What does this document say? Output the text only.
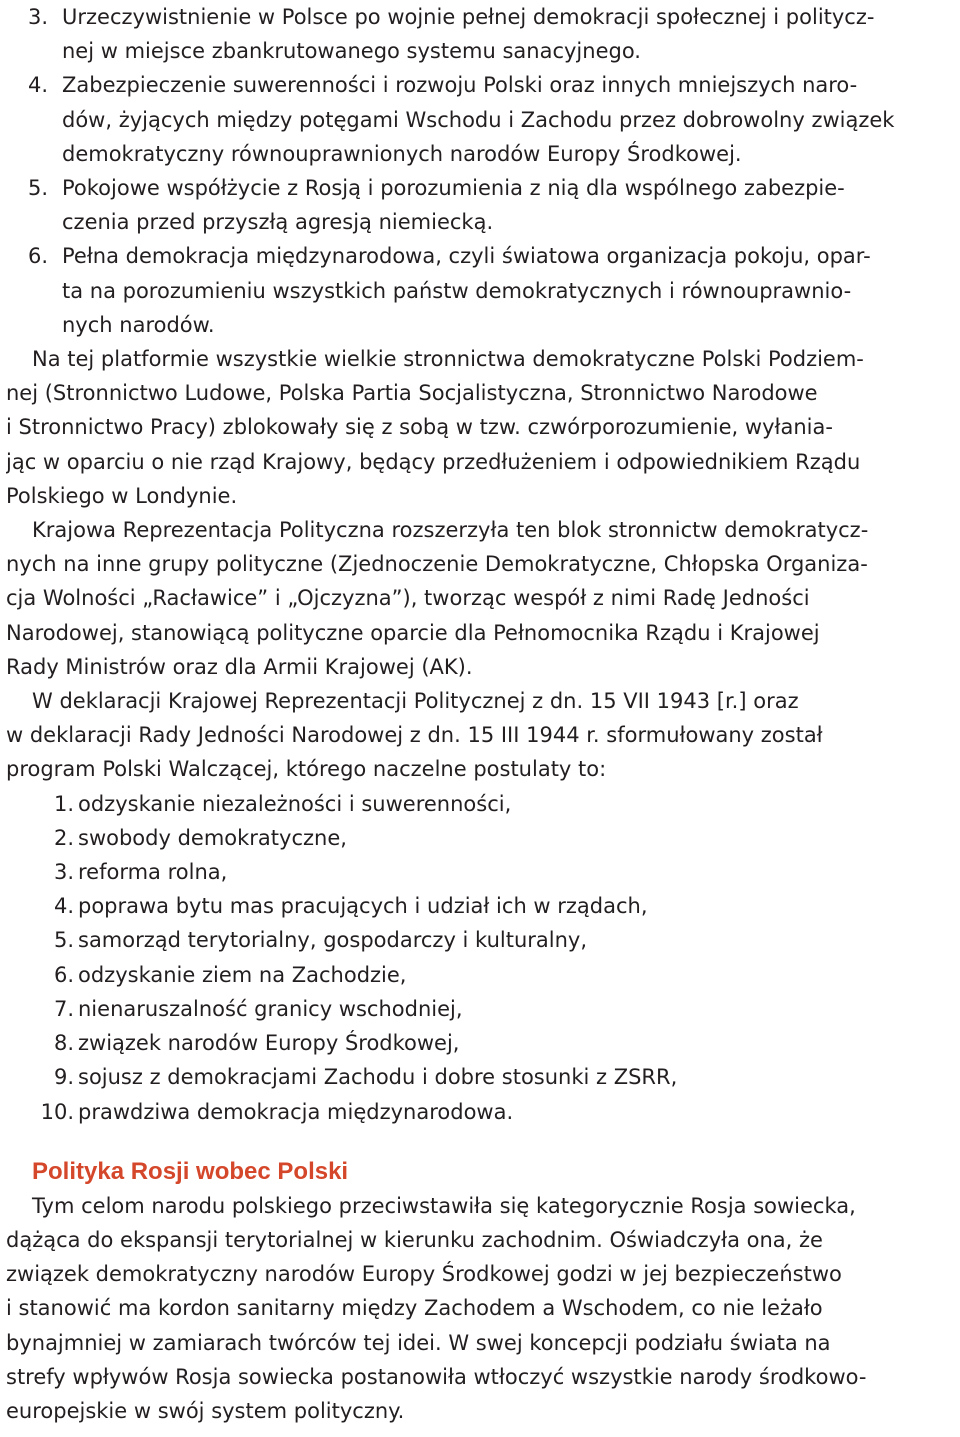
3. Urzeczywistnienie w Polsce po wojnie pełnej demokracji społecznej i politycz-
nej w miejsce zbankrutowanego systemu sanacyjnego.
4. Zabezpieczenie suwerenności i rozwoju Polski oraz innych mniejszych naro-
dów, żyjących między potęgami Wschodu i Zachodu przez dobrowolny związek
demokratyczny równouprawnionych narodów Europy Środkowej.
5. Pokojowe współżycie z Rosją i porozumienia z nią dla wspólnego zabezpie-
czenia przed przyszłą agresją niemiecką.
6. Pełna demokracja międzynarodowa, czyli światowa organizacja pokoju, opar-
ta na porozumieniu wszystkich państw demokratycznych i równouprawnio-
nych narodów.
Na tej platformie wszystkie wielkie stronnictwa demokratyczne Polski Podziem-
nej (Stronnictwo Ludowe, Polska Partia Socjalistyczna, Stronnictwo Narodowe
i Stronnictwo Pracy) zblokowały się z sobą w tzw. czwórporozumienie, wyłania-
jąc w oparciu o nie rząd Krajowy, będący przedłużeniem i odpowiednikiem Rządu
Polskiego w Londynie.
Krajowa Reprezentacja Polityczna rozszerzyła ten blok stronnictw demokratycz-
nych na inne grupy polityczne (Zjednoczenie Demokratyczne, Chłopska Organiza-
cja Wolności „Racławice” i „Ojczyzna”), tworząc wespół z nimi Radę Jedności
Narodowej, stanowiącą polityczne oparcie dla Pełnomocnika Rządu i Krajowej
Rady Ministrów oraz dla Armii Krajowej (AK).
W deklaracji Krajowej Reprezentacji Politycznej z dn. 15 VII 1943 [r.] oraz
w deklaracji Rady Jedności Narodowej z dn. 15 III 1944 r. sformułowany został
program Polski Walczącej, którego naczelne postulaty to:
1. odzyskanie niezależności i suwerenności,
2. swobody demokratyczne,
3. reforma rolna,
4. poprawa bytu mas pracujących i udział ich w rządach,
5. samorząd terytorialny, gospodarczy i kulturalny,
6. odzyskanie ziem na Zachodzie,
7. nienaruszalność granicy wschodniej,
8. związek narodów Europy Środkowej,
9. sojusz z demokracjami Zachodu i dobre stosunki z ZSRR,
10. prawdziwa demokracja międzynarodowa.
Polityka Rosji wobec Polski
Tym celom narodu polskiego przeciwstawiła się kategorycznie Rosja sowiecka,
dążąca do ekspansji terytorialnej w kierunku zachodnim. Oświadczyła ona, że
związek demokratyczny narodów Europy Środkowej godzi w jej bezpieczeństwo
i stanowić ma kordon sanitarny między Zachodem a Wschodem, co nie leżało
bynajmniej w zamiarach twórców tej idei. W swej koncepcji podziału świata na
strefy wpływów Rosja sowiecka postanowiła wtłoczyć wszystkie narody środkowo-
europejskie w swój system polityczny.
